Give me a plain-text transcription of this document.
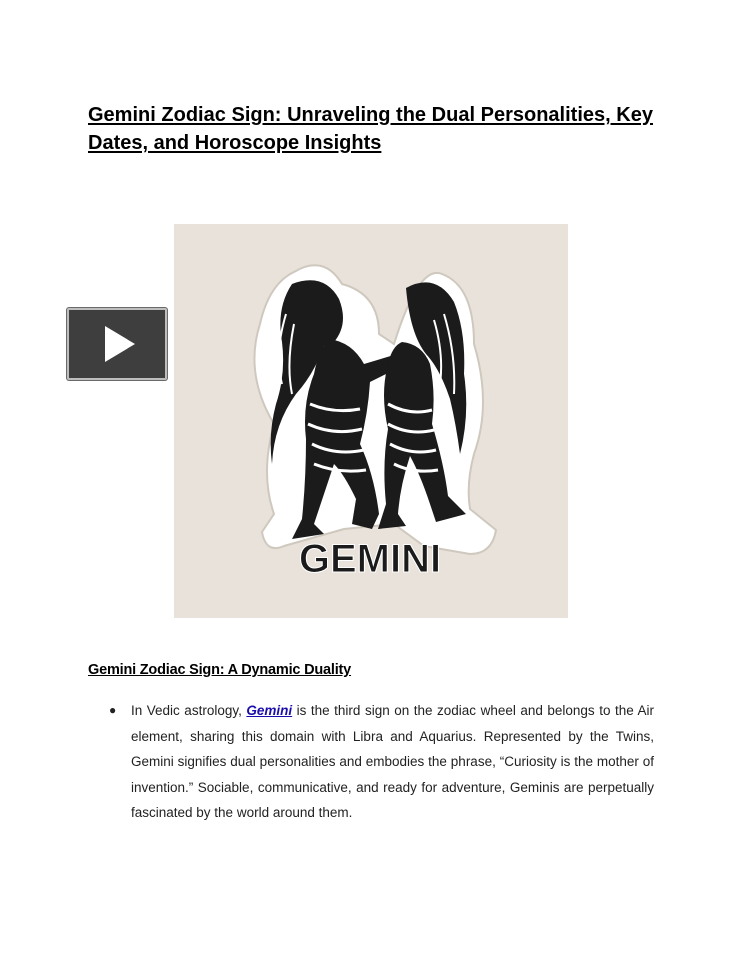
Gemini Zodiac Sign: Unraveling the Dual Personalities, Key Dates, and Horoscope Insights
GEMINI
Gemini Zodiac Sign: A Dynamic Duality
● In Vedic astrology, Gemini is the third sign on the zodiac wheel and belongs to the Air element, sharing this domain with Libra and Aquarius. Represented by the Twins, Gemini signifies dual personalities and embodies the phrase, “Curiosity is the mother of invention.” Sociable, communicative, and ready for adventure, Geminis are perpetually fascinated by the world around them.
